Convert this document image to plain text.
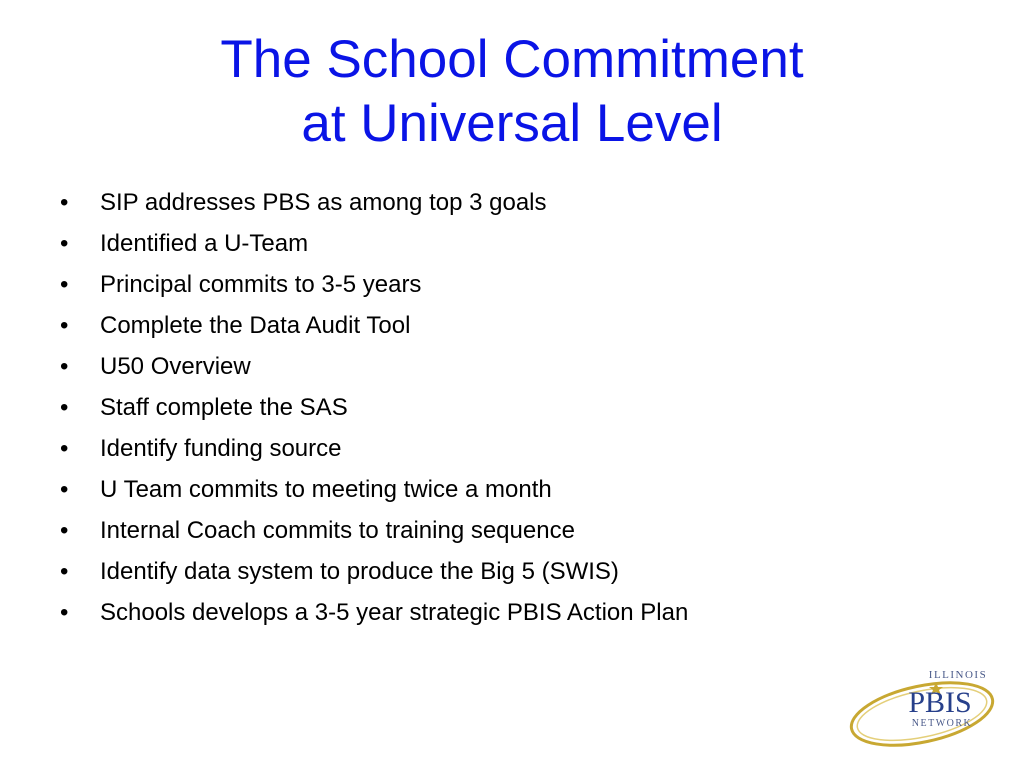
The School Commitment
at Universal Level
•	SIP addresses PBS as among top 3 goals
•	Identified a U-Team
•	Principal commits to 3-5 years
•	Complete the Data Audit Tool
•	U50 Overview
•	Staff complete the SAS
•	Identify funding source
•	U Team commits to meeting twice a month
•	Internal Coach commits to training sequence
•	Identify data system to produce the Big 5 (SWIS)
•	Schools develops a 3-5 year strategic PBIS Action Plan
ILLINOIS
PBIS
NETWORK
